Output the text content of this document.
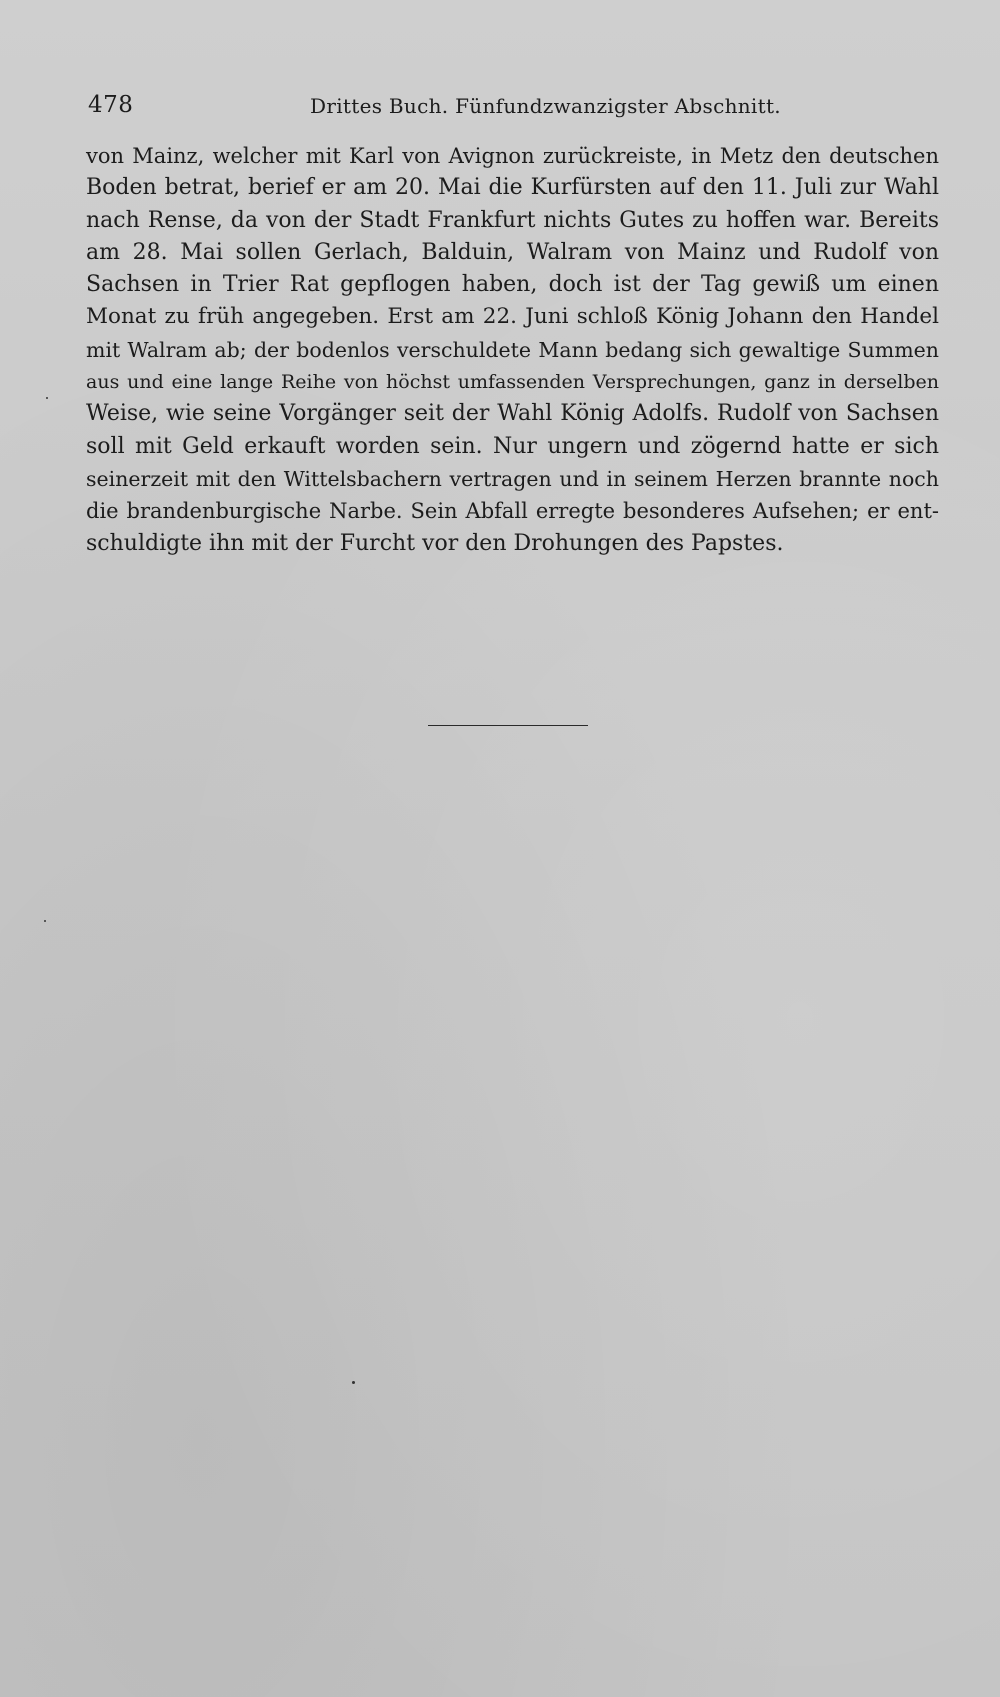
478	Drittes Buch. Fünfundzwanzigster Abschnitt.
von Mainz, welcher mit Karl von Avignon zurückreiste, in Metz den deutschen
Boden betrat, berief er am 20. Mai die Kurfürsten auf den 11. Juli zur Wahl
nach Rense, da von der Stadt Frankfurt nichts Gutes zu hoffen war. Bereits
am 28. Mai sollen Gerlach, Balduin, Walram von Mainz und Rudolf von
Sachsen in Trier Rat gepflogen haben, doch ist der Tag gewiß um einen
Monat zu früh angegeben. Erst am 22. Juni schloß König Johann den Handel
mit Walram ab; der bodenlos verschuldete Mann bedang sich gewaltige Summen
aus und eine lange Reihe von höchst umfassenden Versprechungen, ganz in derselben
Weise, wie seine Vorgänger seit der Wahl König Adolfs. Rudolf von Sachsen
soll mit Geld erkauft worden sein. Nur ungern und zögernd hatte er sich
seinerzeit mit den Wittelsbachern vertragen und in seinem Herzen brannte noch
die brandenburgische Narbe. Sein Abfall erregte besonderes Aufsehen; er ent-
schuldigte ihn mit der Furcht vor den Drohungen des Papstes.
